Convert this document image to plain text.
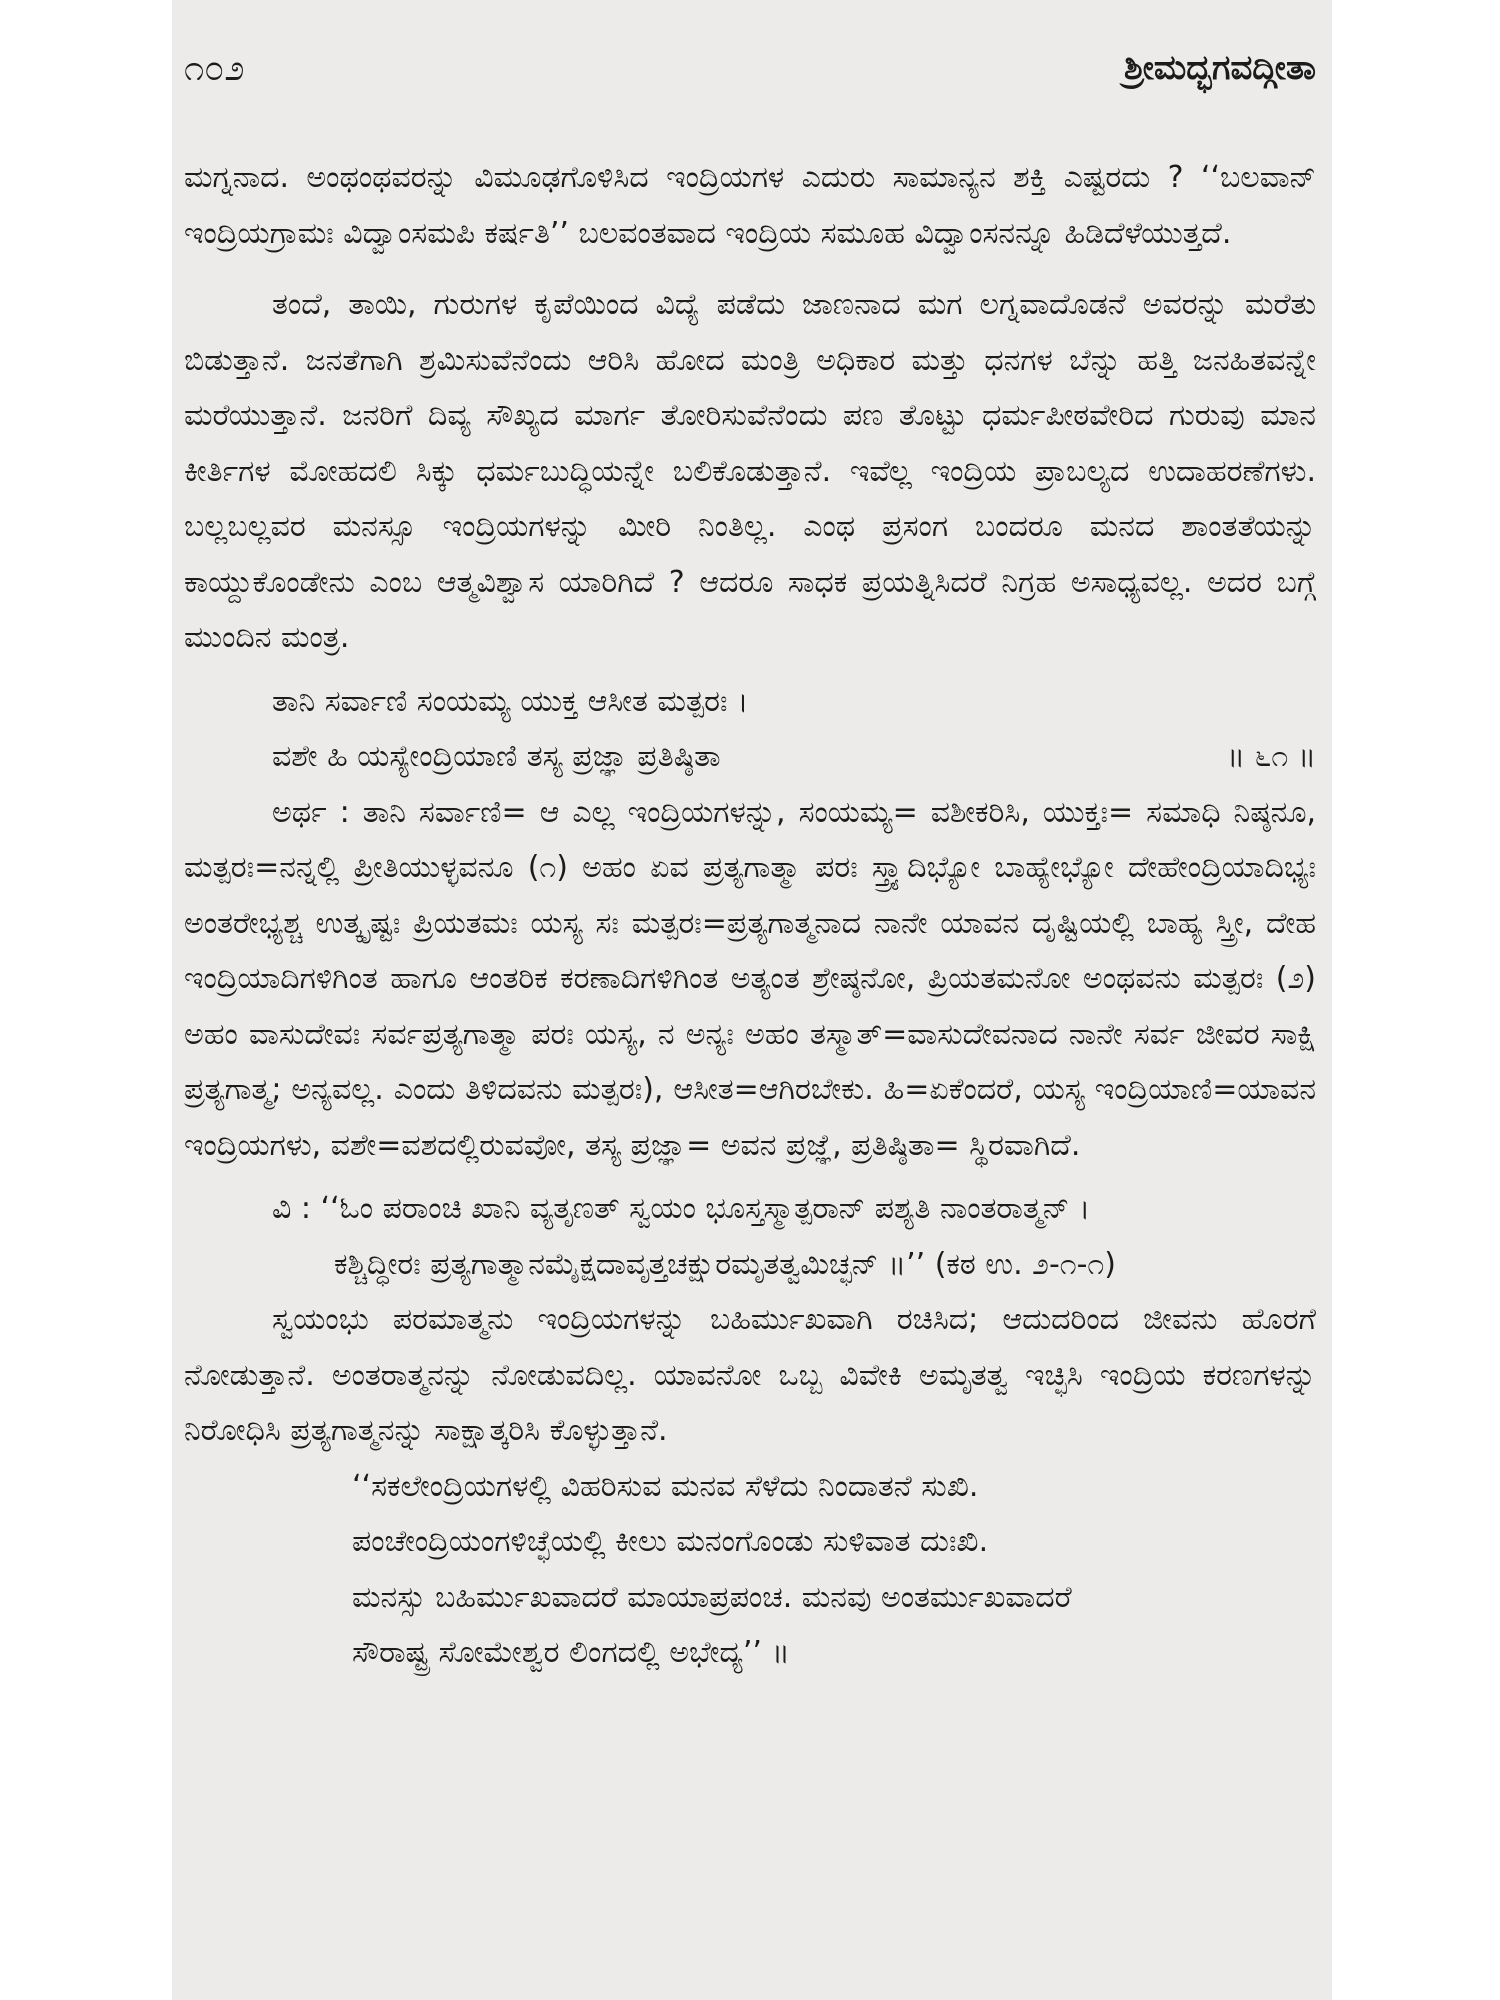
೧೦೨	ಶ್ರೀಮದ್ಭಗವದ್ಗೀತಾ

ಮಗ್ನನಾದ. ಅಂಥಂಥವರನ್ನು ವಿಮೂಢಗೊಳಿಸಿದ ಇಂದ್ರಿಯಗಳ ಎದುರು ಸಾಮಾನ್ಯನ ಶಕ್ತಿ ಎಷ್ಟರದು ? ‘‘ಬಲವಾನ್ ಇಂದ್ರಿಯಗ್ರಾಮಃ ವಿದ್ವಾಂಸಮಪಿ ಕರ್ಷತಿ’’ ಬಲವಂತವಾದ ಇಂದ್ರಿಯ ಸಮೂಹ ವಿದ್ವಾಂಸನನ್ನೂ ಹಿಡಿದೆಳೆಯುತ್ತದೆ.

ತಂದೆ, ತಾಯಿ, ಗುರುಗಳ ಕೃಪೆಯಿಂದ ವಿದ್ಯೆ ಪಡೆದು ಜಾಣನಾದ ಮಗ ಲಗ್ನವಾದೊಡನೆ ಅವರನ್ನು ಮರೆತು ಬಿಡುತ್ತಾನೆ. ಜನತೆಗಾಗಿ ಶ್ರಮಿಸುವೆನೆಂದು ಆರಿಸಿ ಹೋದ ಮಂತ್ರಿ ಅಧಿಕಾರ ಮತ್ತು ಧನಗಳ ಬೆನ್ನು ಹತ್ತಿ ಜನಹಿತವನ್ನೇ ಮರೆಯುತ್ತಾನೆ. ಜನರಿಗೆ ದಿವ್ಯ ಸೌಖ್ಯದ ಮಾರ್ಗ ತೋರಿಸುವೆನೆಂದು ಪಣ ತೊಟ್ಟು ಧರ್ಮಪೀಠವೇರಿದ ಗುರುವು ಮಾನ ಕೀರ್ತಿಗಳ ಮೋಹದಲಿ ಸಿಕ್ಕು ಧರ್ಮಬುದ್ಧಿಯನ್ನೇ ಬಲಿಕೊಡುತ್ತಾನೆ. ಇವೆಲ್ಲ ಇಂದ್ರಿಯ ಪ್ರಾಬಲ್ಯದ ಉದಾಹರಣೆಗಳು. ಬಲ್ಲಬಲ್ಲವರ ಮನಸ್ಸೂ ಇಂದ್ರಿಯಗಳನ್ನು ಮೀರಿ ನಿಂತಿಲ್ಲ. ಎಂಥ ಪ್ರಸಂಗ ಬಂದರೂ ಮನದ ಶಾಂತತೆಯನ್ನು ಕಾಯ್ದುಕೊಂಡೇನು ಎಂಬ ಆತ್ಮವಿಶ್ವಾಸ ಯಾರಿಗಿದೆ ? ಆದರೂ ಸಾಧಕ ಪ್ರಯತ್ನಿಸಿದರೆ ನಿಗ್ರಹ ಅಸಾಧ್ಯವಲ್ಲ. ಅದರ ಬಗ್ಗೆ ಮುಂದಿನ ಮಂತ್ರ.

ತಾನಿ ಸರ್ವಾಣಿ ಸಂಯಮ್ಯ ಯುಕ್ತ ಆಸೀತ ಮತ್ಪರಃ ।
ವಶೇ ಹಿ ಯಸ್ಯೇಂದ್ರಿಯಾಣಿ ತಸ್ಯ ಪ್ರಜ್ಞಾ ಪ್ರತಿಷ್ಠಿತಾ	॥ ೬೧ ॥

ಅರ್ಥ : ತಾನಿ ಸರ್ವಾಣಿ= ಆ ಎಲ್ಲ ಇಂದ್ರಿಯಗಳನ್ನು, ಸಂಯಮ್ಯ= ವಶೀಕರಿಸಿ, ಯುಕ್ತಃ= ಸಮಾಧಿ ನಿಷ್ಠನೂ, ಮತ್ಪರಃ=ನನ್ನಲ್ಲಿ ಪ್ರೀತಿಯುಳ್ಳವನೂ (೧) ಅಹಂ ಏವ ಪ್ರತ್ಯಗಾತ್ಮಾ ಪರಃ ಸ್ತ್ರ್ಯಾದಿಭ್ಯೋ ಬಾಹ್ಯೇಭ್ಯೋ ದೇಹೇಂದ್ರಿಯಾದಿಭ್ಯಃ ಅಂತರೇಭ್ಯಶ್ಚ ಉತ್ಕೃಷ್ಟಃ ಪ್ರಿಯತಮಃ ಯಸ್ಯ ಸಃ ಮತ್ಪರಃ=ಪ್ರತ್ಯಗಾತ್ಮನಾದ ನಾನೇ ಯಾವನ ದೃಷ್ಟಿಯಲ್ಲಿ ಬಾಹ್ಯ ಸ್ತ್ರೀ, ದೇಹ ಇಂದ್ರಿಯಾದಿಗಳಿಗಿಂತ ಹಾಗೂ ಆಂತರಿಕ ಕರಣಾದಿಗಳಿಗಿಂತ ಅತ್ಯಂತ ಶ್ರೇಷ್ಠನೋ, ಪ್ರಿಯತಮನೋ ಅಂಥವನು ಮತ್ಪರಃ (೨) ಅಹಂ ವಾಸುದೇವಃ ಸರ್ವಪ್ರತ್ಯಗಾತ್ಮಾ ಪರಃ ಯಸ್ಯ, ನ ಅನ್ಯಃ ಅಹಂ ತಸ್ಮಾತ್=ವಾಸುದೇವನಾದ ನಾನೇ ಸರ್ವ ಜೀವರ ಸಾಕ್ಷಿ ಪ್ರತ್ಯಗಾತ್ಮ; ಅನ್ಯವಲ್ಲ. ಎಂದು ತಿಳಿದವನು ಮತ್ಪರಃ), ಆಸೀತ=ಆಗಿರಬೇಕು. ಹಿ=ಏಕೆಂದರೆ, ಯಸ್ಯ ಇಂದ್ರಿಯಾಣಿ=ಯಾವನ ಇಂದ್ರಿಯಗಳು, ವಶೇ=ವಶದಲ್ಲಿರುವವೋ, ತಸ್ಯ ಪ್ರಜ್ಞಾ= ಅವನ ಪ್ರಜ್ಞೆ, ಪ್ರತಿಷ್ಠಿತಾ= ಸ್ಥಿರವಾಗಿದೆ.

ವಿ : ‘‘ಓಂ ಪರಾಂಚಿ ಖಾನಿ ವ್ಯತೃಣತ್ ಸ್ವಯಂ ಭೂಸ್ತಸ್ಮಾತ್ಪರಾನ್ ಪಶ್ಯತಿ ನಾಂತರಾತ್ಮನ್ ।
ಕಶ್ಚಿದ್ಧೀರಃ ಪ್ರತ್ಯಗಾತ್ಮಾನಮೈಕ್ಷದಾವೃತ್ತಚಕ್ಷುರಮೃತತ್ವಮಿಚ್ಛನ್ ॥’’ (ಕಠ ಉ. ೨-೧-೧)

ಸ್ವಯಂಭು ಪರಮಾತ್ಮನು ಇಂದ್ರಿಯಗಳನ್ನು ಬಹಿರ್ಮುಖವಾಗಿ ರಚಿಸಿದ; ಆದುದರಿಂದ ಜೀವನು ಹೊರಗೆ ನೋಡುತ್ತಾನೆ. ಅಂತರಾತ್ಮನನ್ನು ನೋಡುವದಿಲ್ಲ. ಯಾವನೋ ಒಬ್ಬ ವಿವೇಕಿ ಅಮೃತತ್ವ ಇಚ್ಛಿಸಿ ಇಂದ್ರಿಯ ಕರಣಗಳನ್ನು ನಿರೋಧಿಸಿ ಪ್ರತ್ಯಗಾತ್ಮನನ್ನು ಸಾಕ್ಷಾತ್ಕರಿಸಿ ಕೊಳ್ಳುತ್ತಾನೆ.

‘‘ಸಕಲೇಂದ್ರಿಯಗಳಲ್ಲಿ ವಿಹರಿಸುವ ಮನವ ಸೆಳೆದು ನಿಂದಾತನೆ ಸುಖಿ.
ಪಂಚೇಂದ್ರಿಯಂಗಳಿಚ್ಛೆಯಲ್ಲಿ ಕೀಲು ಮನಂಗೊಂಡು ಸುಳಿವಾತ ದುಃಖಿ.
ಮನಸ್ಸು ಬಹಿರ್ಮುಖವಾದರೆ ಮಾಯಾಪ್ರಪಂಚ. ಮನವು ಅಂತರ್ಮುಖವಾದರೆ
ಸೌರಾಷ್ಟ್ರ ಸೋಮೇಶ್ವರ ಲಿಂಗದಲ್ಲಿ ಅಭೇದ್ಯ’’ ॥
